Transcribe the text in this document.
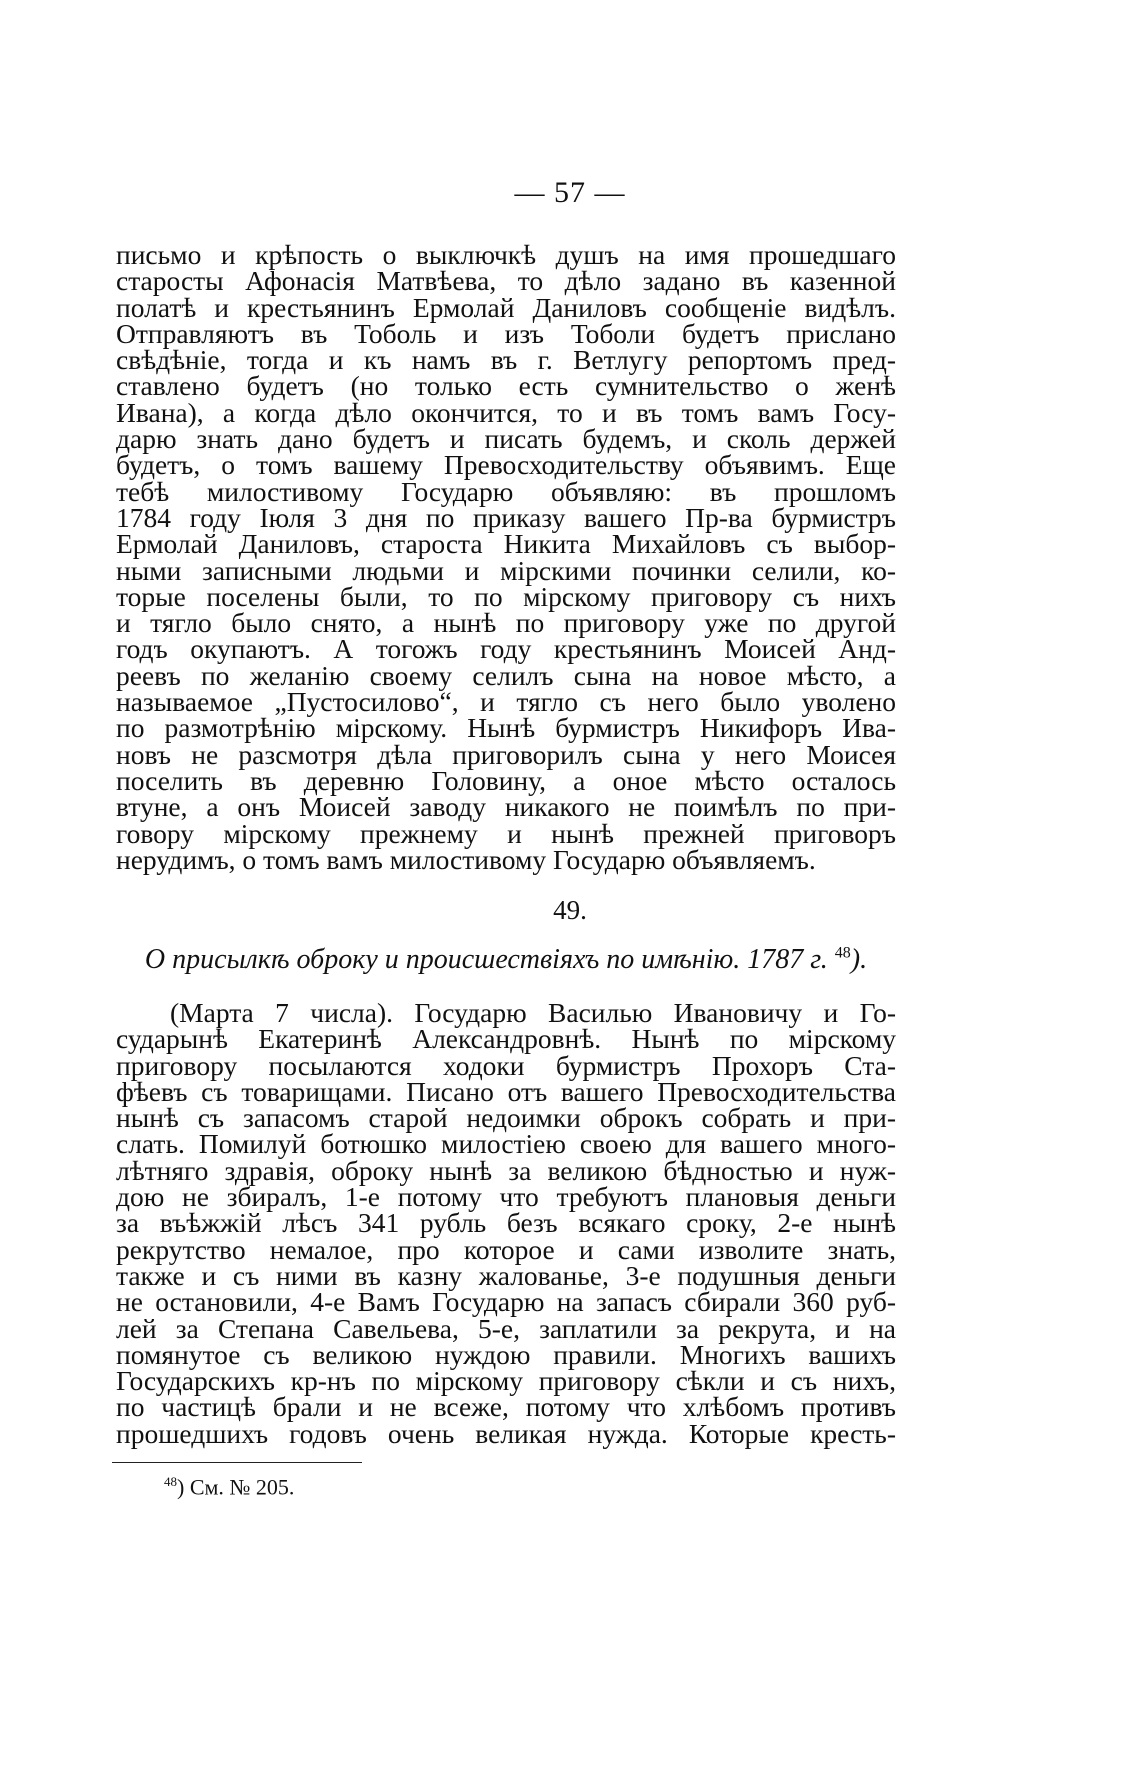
— 57 —
письмо и крѣпость о выключкѣ душъ на имя прошедшаго
старосты Афонасія Матвѣева, то дѣло задано въ казенной
полатѣ и крестьянинъ Ермолай Даниловъ сообщеніе видѣлъ.
Отправляютъ въ Тоболь и изъ Тоболи будетъ прислано
свѣдѣніе, тогда и къ намъ въ г. Ветлугу репортомъ пред-
ставлено будетъ (но только есть сумнительство о женѣ
Ивана), а когда дѣло окончится, то и въ томъ вамъ Госу-
дарю знать дано будетъ и писать будемъ, и сколь держей
будетъ, о томъ вашему Превосходительству объявимъ. Еще
тебѣ милостивому Государю объявляю: въ прошломъ
1784 году Іюля 3 дня по приказу вашего Пр-ва бурмистръ
Ермолай Даниловъ, староста Никита Михайловъ съ выбор-
ными записными людьми и мірскими починки селили, ко-
торые поселены были, то по мірскому приговору съ нихъ
и тягло было снято, а нынѣ по приговору уже по другой
годъ окупаютъ. А тогожъ году крестьянинъ Моисей Анд-
реевъ по желанію своему селилъ сына на новое мѣсто, а
называемое „Пустосилово“, и тягло съ него было уволено
по размотрѣнію мірскому. Нынѣ бурмистръ Никифоръ Ива-
новъ не разсмотря дѣла приговорилъ сына у него Моисея
поселить въ деревню Головину, а оное мѣсто осталось
втуне, а онъ Моисей заводу никакого не поимѣлъ по при-
говору мірскому прежнему и нынѣ прежней приговоръ
нерудимъ, о томъ вамъ милостивому Государю объявляемъ.
49.
О присылкѣ оброку и происшествіяхъ по имѣнію. 1787 г. $^{48}$).
(Марта 7 числа). Государю Василью Ивановичу и Го-
сударынѣ Екатеринѣ Александровнѣ. Нынѣ по мірскому
приговору посылаются ходоки бурмистръ Прохоръ Ста-
фѣевъ съ товарищами. Писано отъ вашего Превосходительства
нынѣ съ запасомъ старой недоимки оброкъ собрать и при-
слать. Помилуй ботюшко милостіею своею для вашего много-
лѣтняго здравія, оброку нынѣ за великою бѣдностью и нуж-
дою не збиралъ, 1-е потому что требуютъ плановыя деньги
за въѣжжій лѣсъ 341 рубль безъ всякаго сроку, 2-е нынѣ
рекрутство немалое, про которое и сами изволите знать,
также и съ ними въ казну жалованье, 3-е подушныя деньги
не остановили, 4-е Вамъ Государю на запасъ сбирали 360 руб-
лей за Степана Савельева, 5-е, заплатили за рекрута, и на
помянутое съ великою нуждою правили. Многихъ вашихъ
Государскихъ кр-нъ по мірскому приговору сѣкли и съ нихъ,
по частицѣ брали и не всеже, потому что хлѣбомъ противъ
прошедшихъ годовъ очень великая нужда. Которые кресть-
$^{48}$) См. № 205.
